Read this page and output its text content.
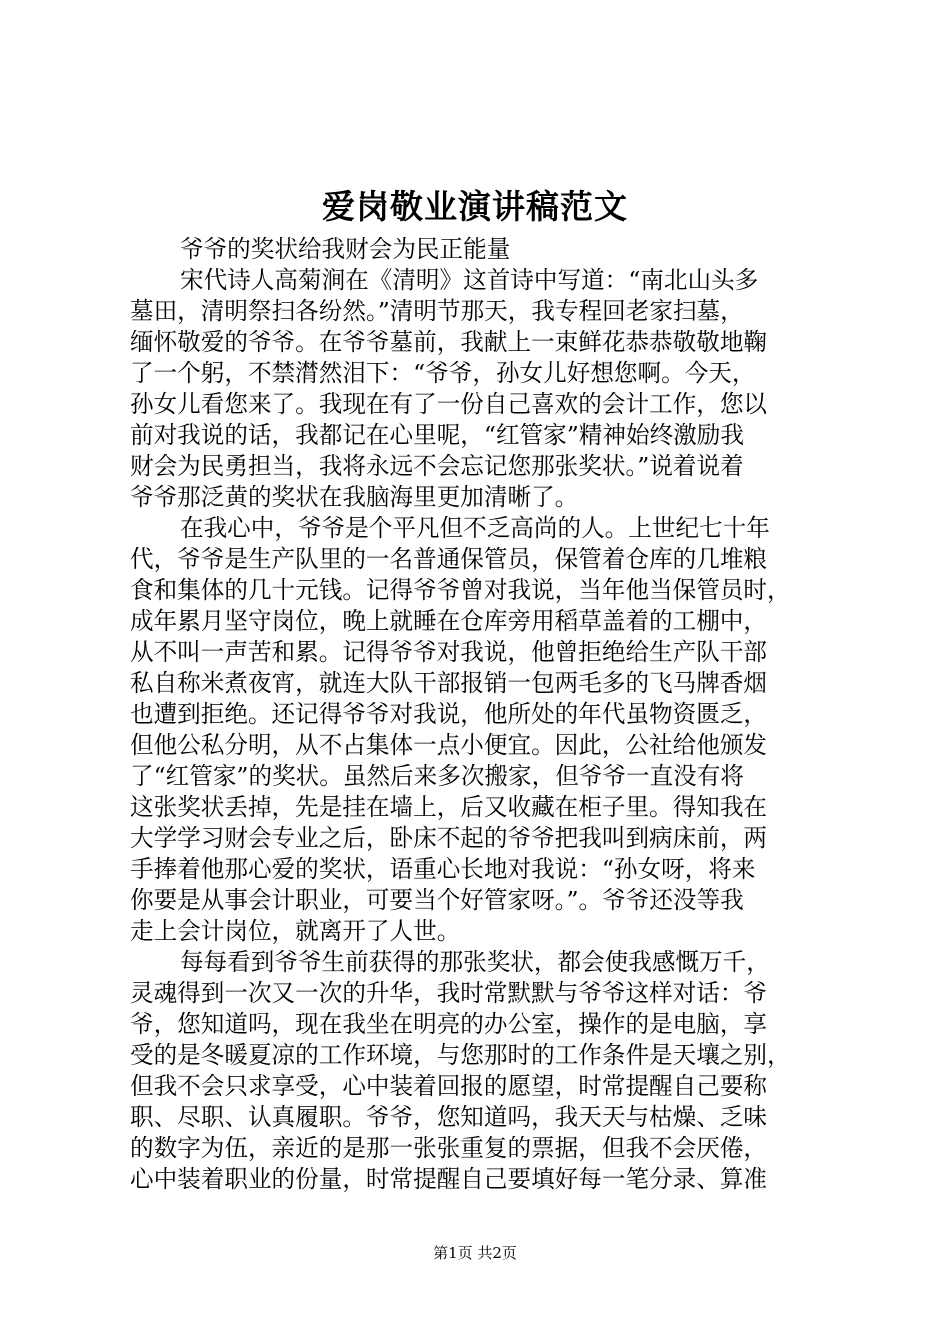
爱岗敬业演讲稿范文
爷爷的奖状给我财会为民正能量
宋代诗人高菊涧在《清明》这首诗中写道：“南北山头多
墓田，清明祭扫各纷然。”清明节那天，我专程回老家扫墓，
缅怀敬爱的爷爷。在爷爷墓前，我献上一束鲜花恭恭敬敬地鞠
了一个躬，不禁潸然泪下：“爷爷，孙女儿好想您啊。今天，
孙女儿看您来了。我现在有了一份自己喜欢的会计工作，您以
前对我说的话，我都记在心里呢，“红管家”精神始终激励我
财会为民勇担当，我将永远不会忘记您那张奖状。”说着说着
爷爷那泛黄的奖状在我脑海里更加清晰了。
在我心中，爷爷是个平凡但不乏高尚的人。上世纪七十年
代，爷爷是生产队里的一名普通保管员，保管着仓库的几堆粮
食和集体的几十元钱。记得爷爷曾对我说，当年他当保管员时，
成年累月坚守岗位，晚上就睡在仓库旁用稻草盖着的工棚中，
从不叫一声苦和累。记得爷爷对我说，他曾拒绝给生产队干部
私自称米煮夜宵，就连大队干部报销一包两毛多的飞马牌香烟
也遭到拒绝。还记得爷爷对我说，他所处的年代虽物资匮乏，
但他公私分明，从不占集体一点小便宜。因此，公社给他颁发
了“红管家”的奖状。虽然后来多次搬家，但爷爷一直没有将
这张奖状丢掉，先是挂在墙上，后又收藏在柜子里。得知我在
大学学习财会专业之后，卧床不起的爷爷把我叫到病床前，两
手捧着他那心爱的奖状，语重心长地对我说：“孙女呀，将来
你要是从事会计职业，可要当个好管家呀。”。爷爷还没等我
走上会计岗位，就离开了人世。
每每看到爷爷生前获得的那张奖状，都会使我感慨万千，
灵魂得到一次又一次的升华，我时常默默与爷爷这样对话：爷
爷，您知道吗，现在我坐在明亮的办公室，操作的是电脑，享
受的是冬暖夏凉的工作环境，与您那时的工作条件是天壤之别，
但我不会只求享受，心中装着回报的愿望，时常提醒自己要称
职、尽职、认真履职。爷爷，您知道吗，我天天与枯燥、乏味
的数字为伍，亲近的是那一张张重复的票据，但我不会厌倦，
心中装着职业的份量，时常提醒自己要填好每一笔分录、算准
第1页 共2页
